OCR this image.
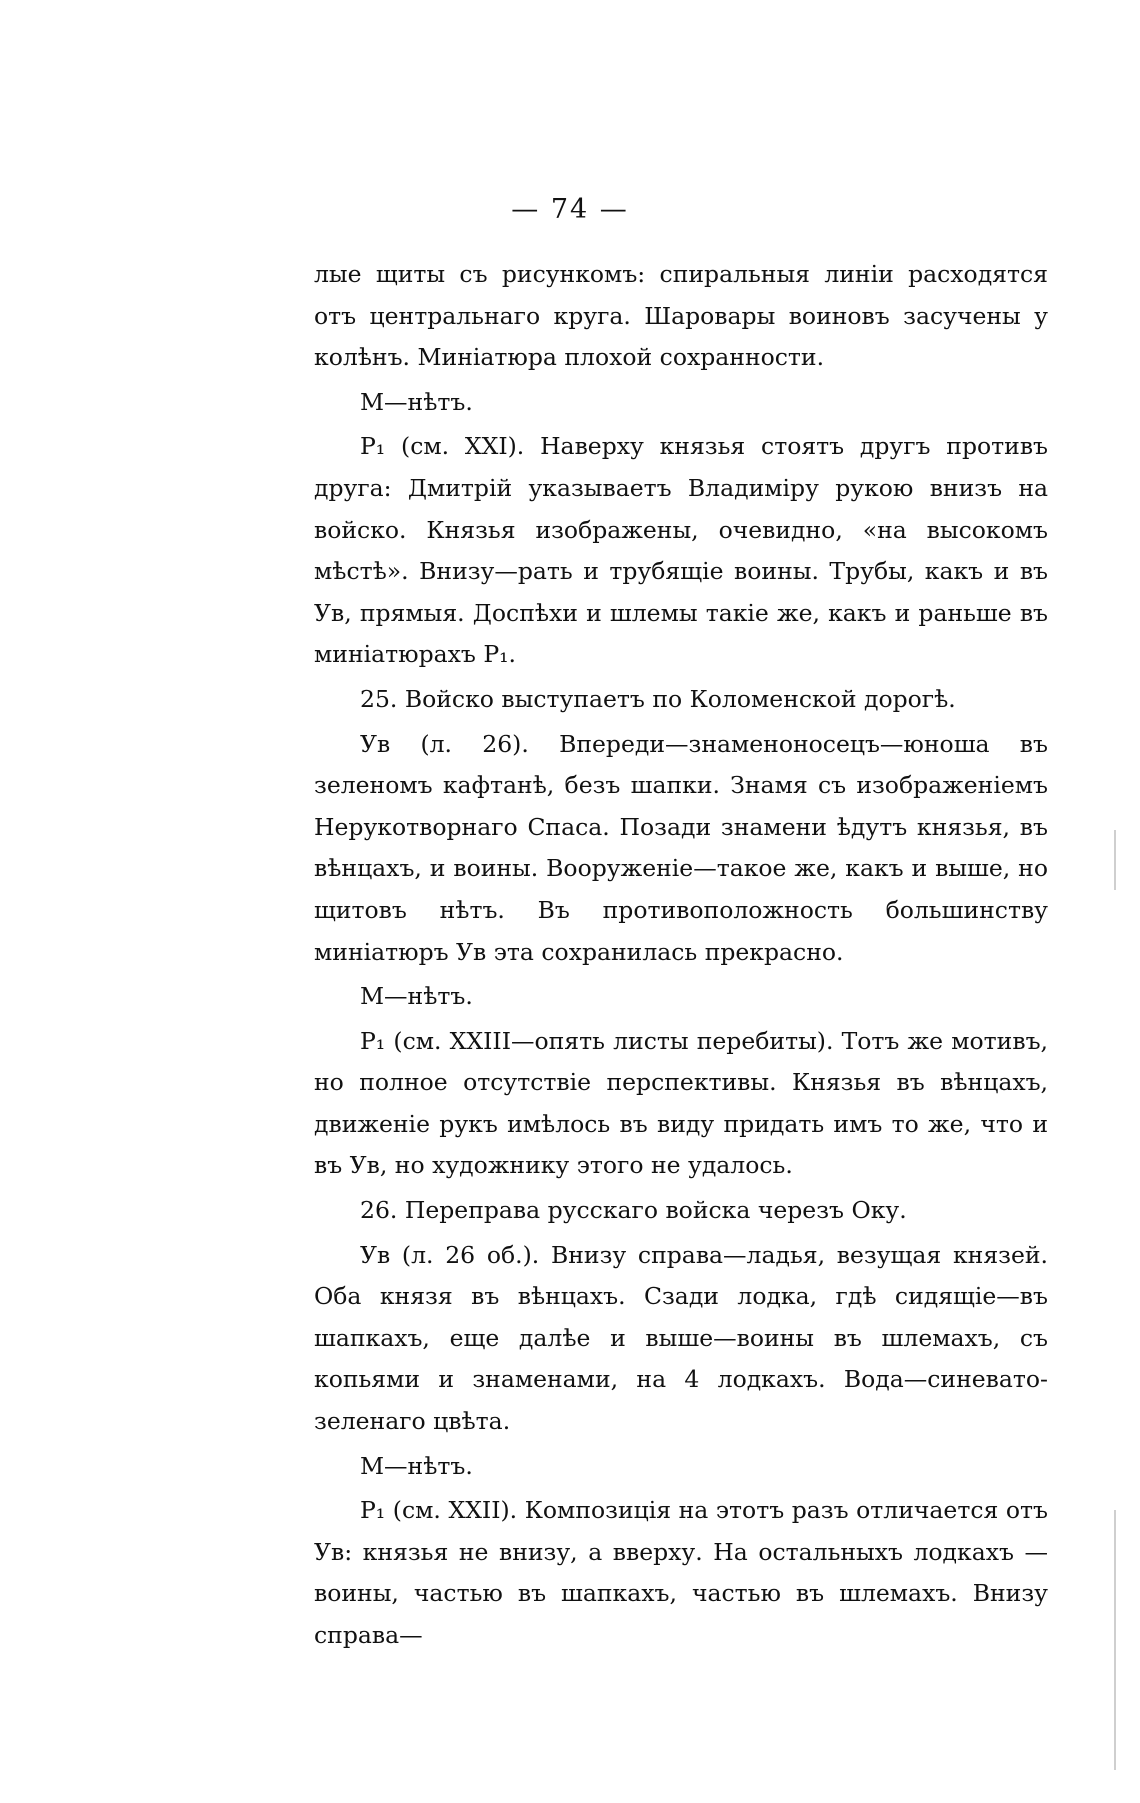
— 74 —

лые щиты съ рисункомъ: спиральныя линіи расходятся отъ центральнаго круга. Шаровары воиновъ засучены у колѣнъ. Миніатюра плохой сохранности.

М—нѣтъ.

Р₁ (см. XXI). Наверху князья стоятъ другъ противъ друга: Дмитрій указываетъ Владиміру рукою внизъ на войско. Князья изображены, очевидно, «на высокомъ мѣстѣ». Внизу—рать и трубящіе воины. Трубы, какъ и въ Ув, прямыя. Доспѣхи и шлемы такіе же, какъ и раньше въ миніатюрахъ Р₁.

25. Войско выступаетъ по Коломенской дорогѣ.

Ув (л. 26). Впереди—знаменоносецъ—юноша въ зеленомъ кафтанѣ, безъ шапки. Знамя съ изображеніемъ Нерукотворнаго Спаса. Позади знамени ѣдутъ князья, въ вѣнцахъ, и воины. Вооруженіе—такое же, какъ и выше, но щитовъ нѣтъ. Въ противоположность большинству миніатюръ Ув эта сохранилась прекрасно.

М—нѣтъ.

Р₁ (см. XXIII—опять листы перебиты). Тотъ же мотивъ, но полное отсутствіе перспективы. Князья въ вѣнцахъ, движеніе рукъ имѣлось въ виду придать имъ то же, что и въ Ув, но художнику этого не удалось.

26. Переправа русскаго войска черезъ Оку.

Ув (л. 26 об.). Внизу справа—ладья, везущая князей. Оба князя въ вѣнцахъ. Сзади лодка, гдѣ сидящіе—въ шапкахъ, еще далѣе и выше—воины въ шлемахъ, съ копьями и знаменами, на 4 лодкахъ. Вода—синевато-зеленаго цвѣта.

М—нѣтъ.

Р₁ (см. XXII). Композиція на этотъ разъ отличается отъ Ув: князья не внизу, а вверху. На остальныхъ лодкахъ — воины, частью въ шапкахъ, частью въ шлемахъ. Внизу справа—
